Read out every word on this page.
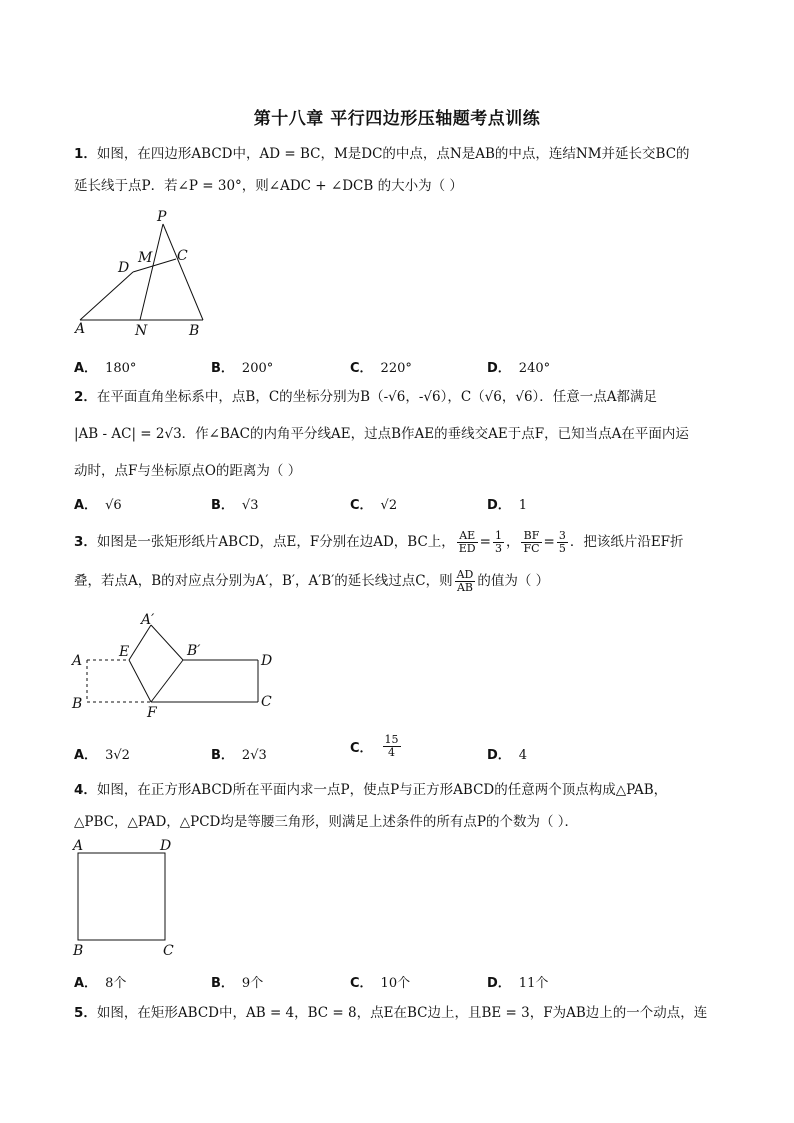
第十八章 平行四边形压轴题考点训练
1．如图，在四边形ABCD中，AD = BC，M是DC的中点，点N是AB的中点，连结NM并延长交BC的
延长线于点P．若∠P = 30°，则∠ADC + ∠DCB 的大小为（ ）
P
M C
D
A	N	B
A． 180°	B． 200°	C． 220°	D． 240°
2．在平面直角坐标系中，点B，C的坐标分别为B（-√6，-√6），C（√6，√6）．任意一点A都满足
|AB - AC| = 2√3．作∠BAC的内角平分线AE，过点B作AE的垂线交AE于点F，已知当点A在平面内运
动时，点F与坐标原点O的距离为（ ）
A． √6	B． √3	C． √2	D． 1
3．如图是一张矩形纸片ABCD，点E，F分别在边AD，BC上， $\frac{AE}{ED} = \frac{1}{3}$ ， $\frac{BF}{FC} = \frac{3}{5}$ ．把该纸片沿EF折
叠，若点A，B的对应点分别为A′，B′，A′B′的延长线过点C，则 $\frac{AD}{AB}$ 的值为（ ）
A′
E	B′
D
A
B
F
C
A． 3√2	B． 2√3	C． $\frac{15}{4}$	D． 4
4．如图，在正方形ABCD所在平面内求一点P，使点P与正方形ABCD的任意两个顶点构成△PAB，
△PBC，△PAD，△PCD均是等腰三角形，则满足上述条件的所有点P的个数为（ ）．
A	D
B	C
A． 8个	B． 9个	C． 10个	D． 11个
5．如图，在矩形ABCD中，AB = 4，BC = 8，点E在BC边上，且BE = 3，F为AB边上的一个动点，连
